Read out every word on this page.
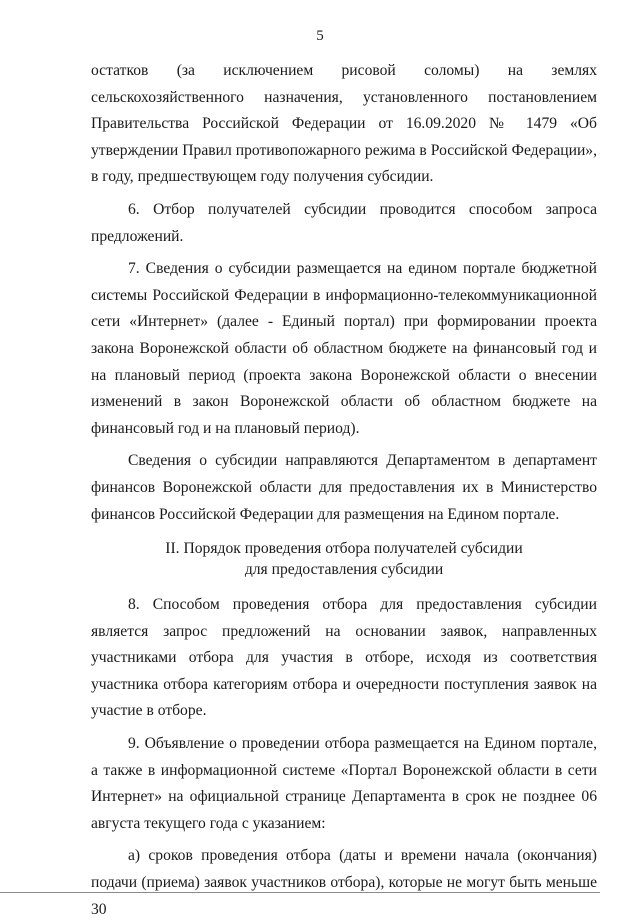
5

остатков (за исключением рисовой соломы) на землях сельскохозяйственного назначения, установленного постановлением Правительства Российской Федерации от 16.09.2020 № 1479 «Об утверждении Правил противопожарного режима в Российской Федерации», в году, предшествующем году получения субсидии.

6. Отбор получателей субсидии проводится способом запроса предложений.

7. Сведения о субсидии размещается на едином портале бюджетной системы Российской Федерации в информационно-телекоммуникационной сети «Интернет» (далее - Единый портал) при формировании проекта закона Воронежской области об областном бюджете на финансовый год и на плановый период (проекта закона Воронежской области о внесении изменений в закон Воронежской области об областном бюджете на финансовый год и на плановый период).

Сведения о субсидии направляются Департаментом в департамент финансов Воронежской области для предоставления их в Министерство финансов Российской Федерации для размещения на Едином портале.

II. Порядок проведения отбора получателей субсидии
для предоставления субсидии

8. Способом проведения отбора для предоставления субсидии является запрос предложений на основании заявок, направленных участниками отбора для участия в отборе, исходя из соответствия участника отбора категориям отбора и очередности поступления заявок на участие в отборе.

9. Объявление о проведении отбора размещается на Едином портале, а также в информационной системе «Портал Воронежской области в сети Интернет» на официальной странице Департамента в срок не позднее 06 августа текущего года с указанием:

а) сроков проведения отбора (даты и времени начала (окончания) подачи (приема) заявок участников отбора), которые не могут быть меньше 30
